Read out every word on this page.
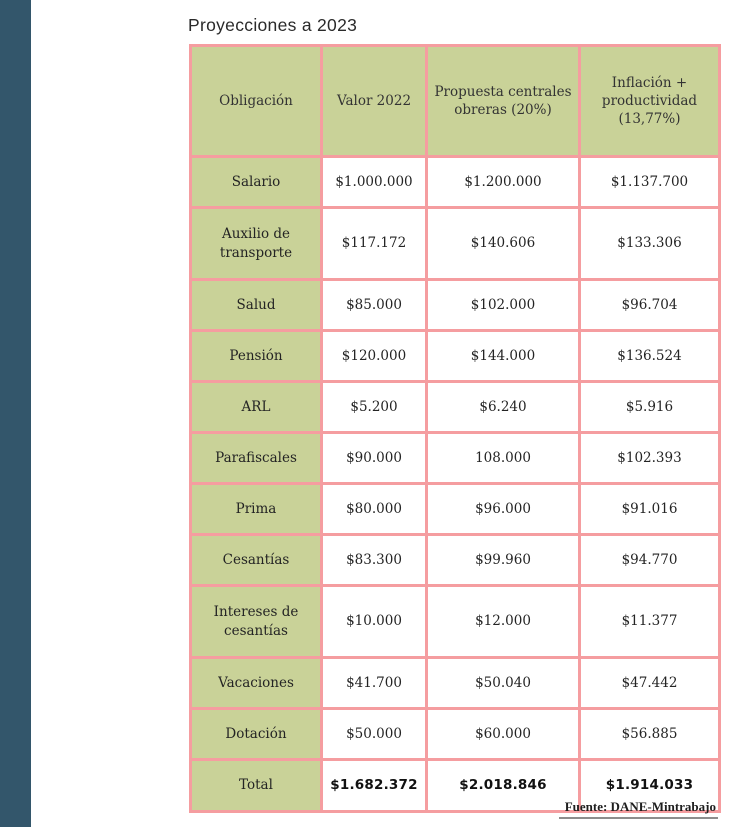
Proyecciones a 2023
Obligación	Valor 2022	Propuesta centrales obreras (20%)	Inflación + productividad (13,77%)
Salario	$1.000.000	$1.200.000	$1.137.700
Auxilio de transporte	$117.172	$140.606	$133.306
Salud	$85.000	$102.000	$96.704
Pensión	$120.000	$144.000	$136.524
ARL	$5.200	$6.240	$5.916
Parafiscales	$90.000	108.000	$102.393
Prima	$80.000	$96.000	$91.016
Cesantías	$83.300	$99.960	$94.770
Intereses de cesantías	$10.000	$12.000	$11.377
Vacaciones	$41.700	$50.040	$47.442
Dotación	$50.000	$60.000	$56.885
Total	$1.682.372	$2.018.846	$1.914.033
Fuente: DANE-Mintrabajo
